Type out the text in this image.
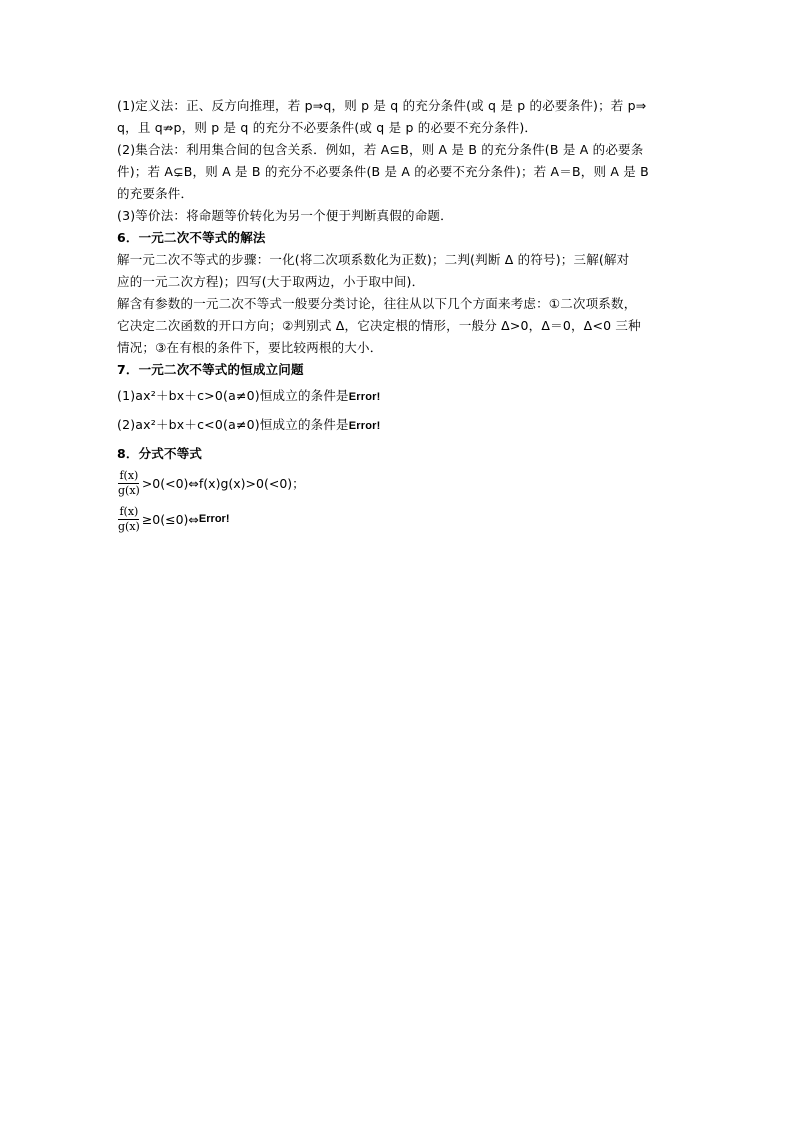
(1)定义法：正、反方向推理，若 p⇒q，则 p 是 q 的充分条件(或 q 是 p 的必要条件)；若 p⇒
q，且 q⇏p，则 p 是 q 的充分不必要条件(或 q 是 p 的必要不充分条件)．
(2)集合法：利用集合间的包含关系．例如，若 A⊆B，则 A 是 B 的充分条件(B 是 A 的必要条
件)；若 A⊊B，则 A 是 B 的充分不必要条件(B 是 A 的必要不充分条件)；若 A＝B，则 A 是 B
的充要条件．
(3)等价法：将命题等价转化为另一个便于判断真假的命题．
6．一元二次不等式的解法
解一元二次不等式的步骤：一化(将二次项系数化为正数)；二判(判断 Δ 的符号)；三解(解对
应的一元二次方程)；四写(大于取两边，小于取中间)．
解含有参数的一元二次不等式一般要分类讨论，往往从以下几个方面来考虑：①二次项系数，
它决定二次函数的开口方向；②判别式 Δ，它决定根的情形，一般分 Δ>0，Δ＝0，Δ<0 三种
情况；③在有根的条件下，要比较两根的大小．
7．一元二次不等式的恒成立问题
(1)ax²＋bx＋c>0(a≠0)恒成立的条件是Error!
(2)ax²＋bx＋c<0(a≠0)恒成立的条件是Error!
8．分式不等式
$\frac{f(x)}{g(x)}$ >0(<0)⇔f(x)g(x)>0(<0)；
$\frac{f(x)}{g(x)}$ ≥0(≤0)⇔ Error!
